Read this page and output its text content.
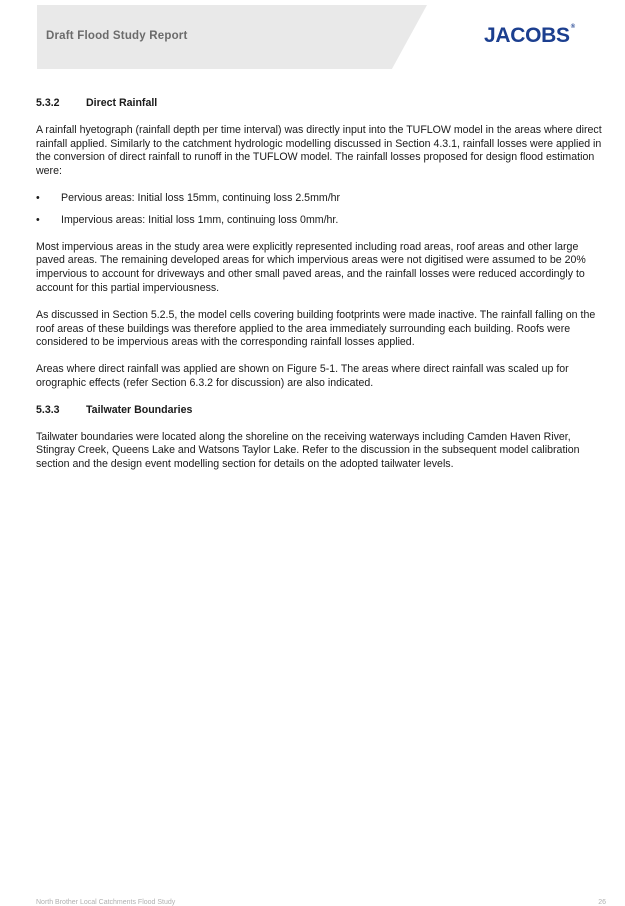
Draft Flood Study Report	JACOBS®
5.3.2	Direct Rainfall

A rainfall hyetograph (rainfall depth per time interval) was directly input into the TUFLOW model in the areas where direct rainfall applied. Similarly to the catchment hydrologic modelling discussed in Section 4.3.1, rainfall losses were applied in the conversion of direct rainfall to runoff in the TUFLOW model. The rainfall losses proposed for design flood estimation were:

•	Pervious areas: Initial loss 15mm, continuing loss 2.5mm/hr
•	Impervious areas: Initial loss 1mm, continuing loss 0mm/hr.

Most impervious areas in the study area were explicitly represented including road areas, roof areas and other large paved areas. The remaining developed areas for which impervious areas were not digitised were assumed to be 20% impervious to account for driveways and other small paved areas, and the rainfall losses were reduced accordingly to account for this partial imperviousness.

As discussed in Section 5.2.5, the model cells covering building footprints were made inactive. The rainfall falling on the roof areas of these buildings was therefore applied to the area immediately surrounding each building. Roofs were considered to be impervious areas with the corresponding rainfall losses applied.

Areas where direct rainfall was applied are shown on Figure 5-1. The areas where direct rainfall was scaled up for orographic effects (refer Section 6.3.2 for discussion) are also indicated.

5.3.3	Tailwater Boundaries

Tailwater boundaries were located along the shoreline on the receiving waterways including Camden Haven River, Stingray Creek, Queens Lake and Watsons Taylor Lake. Refer to the discussion in the subsequent model calibration section and the design event modelling section for details on the adopted tailwater levels.

North Brother Local Catchments Flood Study	26
